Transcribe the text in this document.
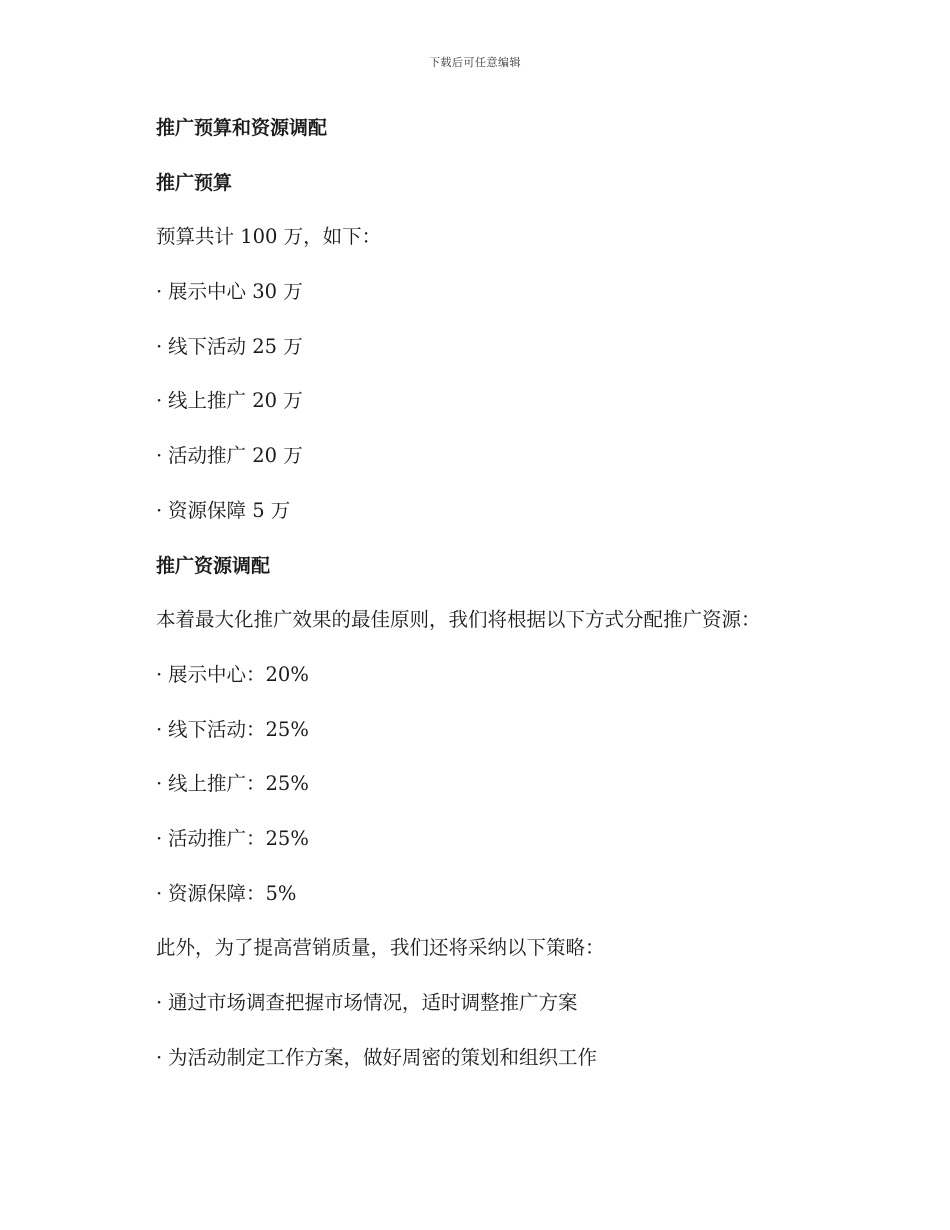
下载后可任意编辑
推广预算和资源调配
推广预算
预算共计 100 万，如下：
· 展示中心 30 万
· 线下活动 25 万
· 线上推广 20 万
· 活动推广 20 万
· 资源保障 5 万
推广资源调配
本着最大化推广效果的最佳原则，我们将根据以下方式分配推广资源：
· 展示中心：20%
· 线下活动：25%
· 线上推广：25%
· 活动推广：25%
· 资源保障：5%
此外，为了提高营销质量，我们还将采纳以下策略：
· 通过市场调查把握市场情况，适时调整推广方案
· 为活动制定工作方案，做好周密的策划和组织工作
